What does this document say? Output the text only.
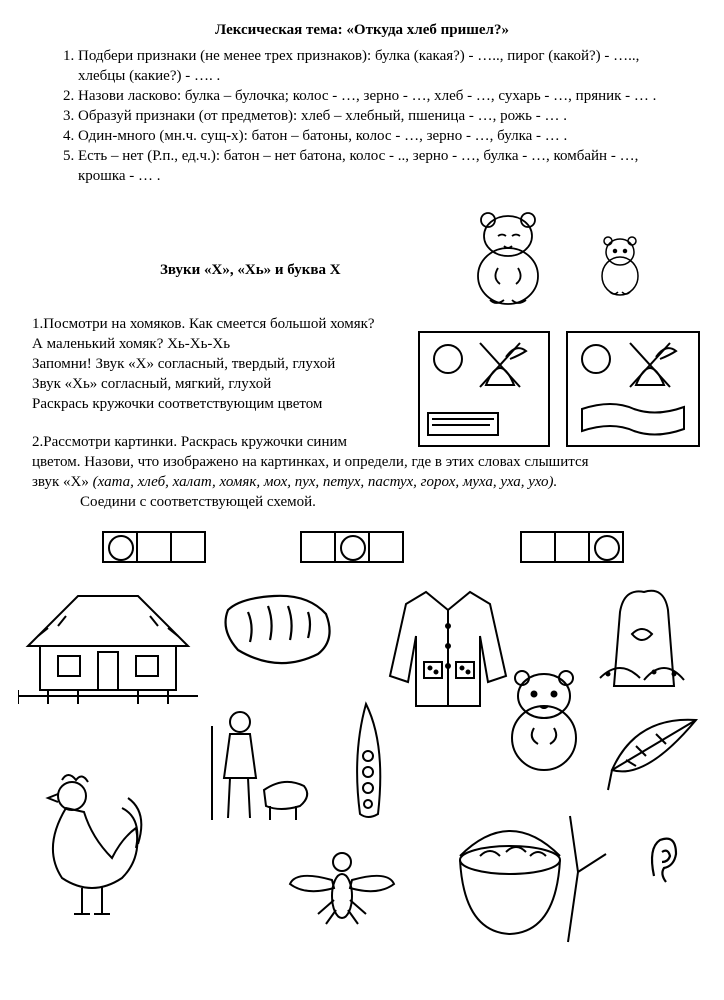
Лексическая тема: «Откуда хлеб пришел?»
1. Подбери признаки (не менее трех признаков): булка (какая?) - ….., пирог (какой?) - ….., хлебцы (какие?) - …. .
2. Назови ласково: булка – булочка; колос - …, зерно - …, хлеб - …, сухарь - …, пряник - … .
3. Образуй признаки (от предметов): хлеб – хлебный, пшеница - …, рожь - … .
4. Один-много (мн.ч. сущ-х): батон – батоны, колос - …, зерно - …, булка - … .
5. Есть – нет (Р.п., ед.ч.): батон – нет батона, колос - .., зерно - …, булка - …, комбайн - …, крошка - … .
Звуки «Х», «Хь» и буква Х

1.Посмотри на хомяков. Как смеется большой хомяк?

А маленький хомяк? Хь-Хь-Хь

Запомни! Звук «Х» согласный, твердый, глухой

Звук «Хь» согласный, мягкий, глухой

Раскрась кружочки соответствующим цветом

2.Рассмотри картинки. Раскрась кружочки синим

цветом. Назови, что изображено на картинках, и определи, где в этих словах слышится

звук «Х» (хата, хлеб, халат, хомяк, мох, пух, петух, пастух, горох, муха, уха, ухо).

Соедини с соответствующей схемой.
